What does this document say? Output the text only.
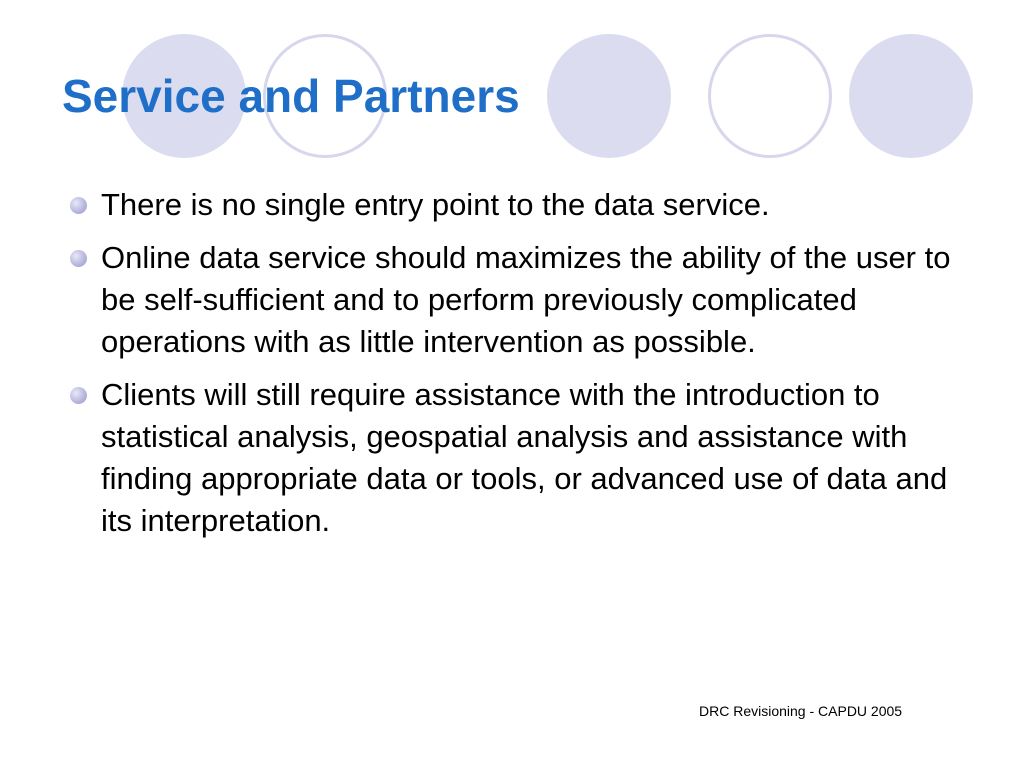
Service and Partners
There is no single entry point to the data service.
Online data service should maximizes the ability of the user to be self-sufficient and to perform previously complicated operations with as little intervention as possible.
Clients will still require assistance with the introduction to statistical analysis, geospatial analysis and assistance with finding appropriate data or tools, or advanced use of data and its interpretation.
DRC Revisioning - CAPDU 2005
